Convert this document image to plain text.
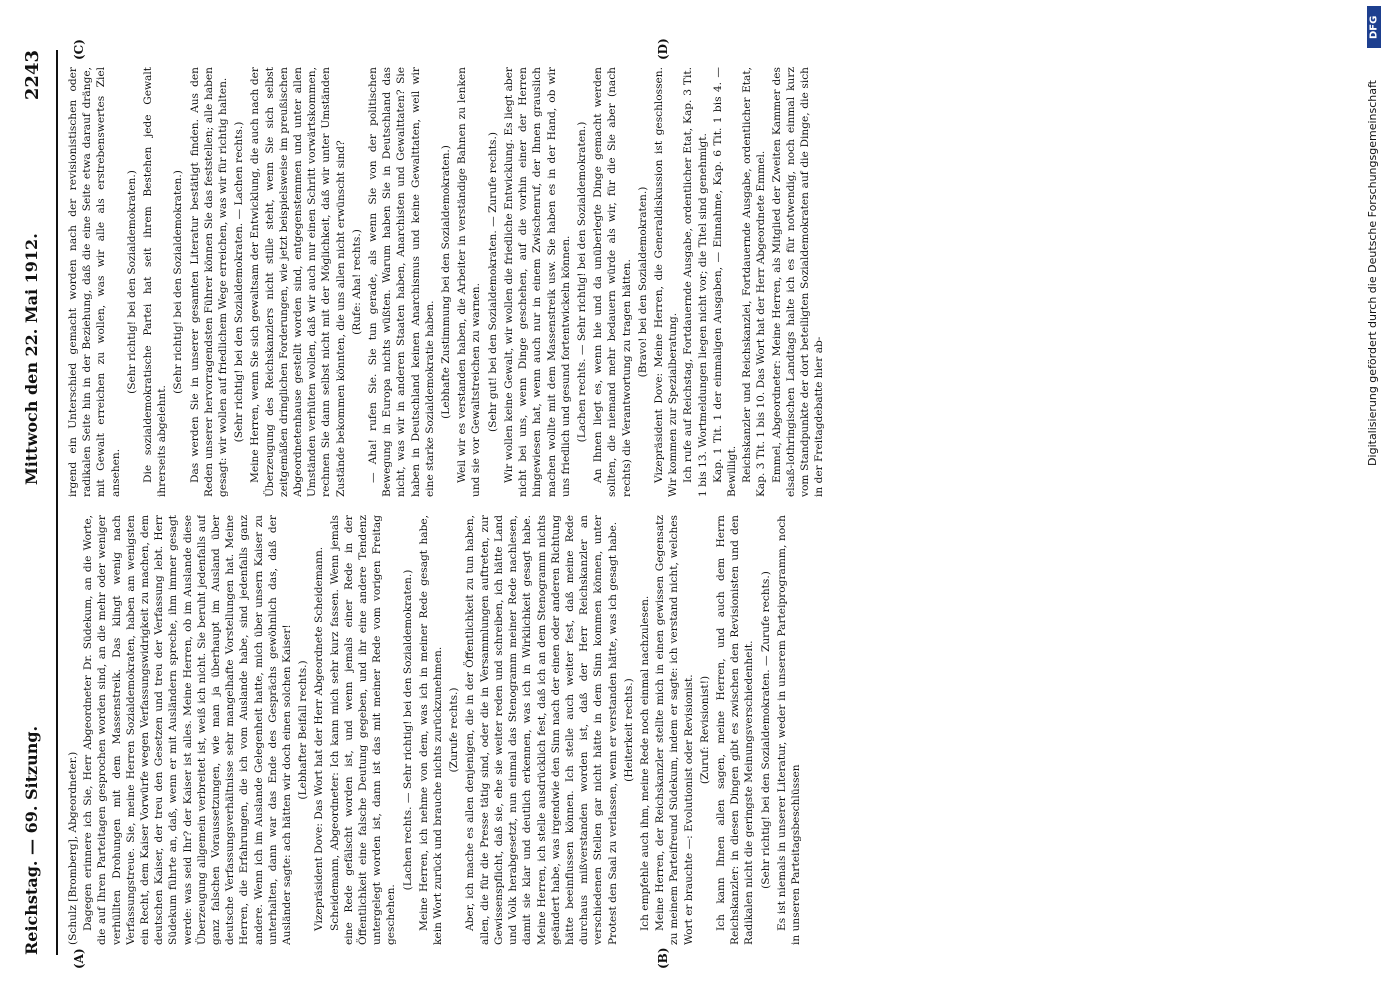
Reichstag. — 69. Sitzung.
Mittwoch den 22. Mai 1912.
2243
(A)	(B)
(C)	(D)

(Schulz [Bromberg], Abgeordneter.) Dagegen erinnere ich Sie, Herr Abgeordneter Dr. Südekum, an die Worte, die auf Ihren Parteitagen gesprochen worden sind, an die mehr oder weniger verhüllten Drohungen mit dem Massenstreik. Das klingt wenig nach Verfassungstreue. Sie, meine Herren Sozialdemokraten, haben am wenigsten ein Recht, dem Kaiser Vorwürfe wegen Verfassungswidrigkeit zu machen, dem deutschen Kaiser, der treu den Gesetzen und treu der Verfassung lebt. Herr Südekum führte an, daß, wenn er mit Ausländern spreche, ihm immer gesagt werde: was seid Ihr? der Kaiser ist alles. Meine Herren, ob im Auslande diese Überzeugung allgemein verbreitet ist, weiß ich nicht. Sie beruht jedenfalls auf ganz falschen Voraussetzungen, wie man ja überhaupt im Ausland über deutsche Verfassungsverhältnisse sehr mangelhafte Vorstellungen hat. Meine Herren, die Erfahrungen, die ich vom Auslande habe, sind jedenfalls ganz andere. Wenn ich im Auslande Gelegenheit hatte, mich über unsern Kaiser zu unterhalten, dann war das Ende des Gesprächs gewöhnlich das, daß der Ausländer sagte: ach hätten wir doch einen solchen Kaiser! (Lebhafter Beifall rechts.) Vizepräsident Dove: Das Wort hat der Herr Abgeordnete Scheidemann. Scheidemann, Abgeordneter: Ich kann mich sehr kurz fassen. Wenn jemals eine Rede gefälscht worden ist, und wenn jemals einer Rede in der Öffentlichkeit eine falsche Deutung gegeben, und ihr eine andere Tendenz untergelegt worden ist, dann ist das mit meiner Rede vom vorigen Freitag geschehen.

(Lachen rechts. — Sehr richtig! bei den Sozialdemokraten.) Meine Herren, ich nehme von dem, was ich in meiner Rede gesagt habe, kein Wort zurück und brauche nichts zurückzunehmen. (Zurufe rechts.) Aber, ich mache es allen denjenigen, die in der Öffentlichkeit zu tun haben, allen, die für die Presse tätig sind, oder die in Versammlungen auftreten, zur Gewissenspflicht, daß sie, ehe sie weiter reden und schreiben, ich hätte Land und Volk herabgesetzt, nun einmal das Stenogramm meiner Rede nachlesen, damit sie klar und deutlich erkennen, was ich in Wirklichkeit gesagt habe. Meine Herren, ich stelle ausdrücklich fest, daß ich an dem Stenogramm nichts geändert habe, was irgendwie den Sinn nach der einen oder anderen Richtung hätte beeinflussen können. Ich stelle auch weiter fest, daß meine Rede durchaus mißverstanden worden ist, daß der Herr Reichskanzler an verschiedenen Stellen gar nicht hätte in dem Sinn kommen können, unter Protest den Saal zu verlassen, wenn er verstanden hätte, was ich gesagt habe. (Heiterkeit rechts.) Ich empfehle auch ihm, meine Rede noch einmal nachzulesen. Meine Herren, der Reichskanzler stellte mich in einen gewissen Gegensatz zu meinem Parteifreund Südekum, indem er sagte: ich verstand nicht, welches Wort er brauchte —: Evolutionist oder Revisionist. (Zuruf: Revisionist!) Ich kann Ihnen allen sagen, meine Herren, und auch dem Herrn Reichskanzler: in diesen Dingen gibt es zwischen den Revisionisten und den Radikalen nicht die geringste Meinungsverschiedenheit. (Sehr richtig! bei den Sozialdemokraten. — Zurufe rechts.) Es ist niemals in unserer Literatur, weder in unserem Parteiprogramm, noch in unseren Parteitagsbeschlüssen

irgend ein Unterschied gemacht worden nach der revisionistischen oder radikalen Seite hin in der Beziehung, daß die eine Seite etwa darauf dränge, mit Gewalt erreichen zu wollen, was wir alle als erstrebenswertes Ziel ansehen.

(Sehr richtig! bei den Sozialdemokraten.) Die sozialdemokratische Partei hat seit ihrem Bestehen jede Gewalt ihrerseits abgelehnt.

(Sehr richtig! bei den Sozialdemokraten.) Das werden Sie in unserer gesamten Literatur bestätigt finden. Aus den Reden unserer hervorragendsten Führer können Sie das feststellen; alle haben gesagt: wir wollen auf friedlichem Wege erreichen, was wir für richtig halten. (Sehr richtig! bei den Sozialdemokraten. — Lachen rechts.) Meine Herren, wenn Sie sich gewaltsam der Entwicklung, die auch nach der Überzeugung des Reichskanzlers nicht stille steht, wenn Sie sich selbst zeitgemäßen dringlichen Forderungen, wie jetzt beispielsweise im preußischen Abgeordnetenhause gestellt worden sind, entgegenstemmen und unter allen Umständen verhüten wollen, daß wir auch nur einen Schritt vorwärtskommen, rechnen Sie dann selbst nicht mit der Möglichkeit, daß wir unter Umständen Zustände bekommen könnten, die uns allen nicht erwünscht sind? (Rufe: Aha! rechts.) — Aha! rufen Sie. Sie tun gerade, als wenn Sie von der politischen Bewegung in Europa nichts wüßten. Warum haben Sie in Deutschland das nicht, was wir in anderen Staaten haben, Anarchisten und Gewalttaten? Sie haben in Deutschland keinen Anarchismus und keine Gewalttaten, weil wir eine starke Sozialdemokratie haben. (Lebhafte Zustimmung bei den Sozialdemokraten.) Weil wir es verstanden haben, die Arbeiter in verständige Bahnen zu lenken und sie vor Gewaltstreichen zu warnen. (Sehr gut! bei den Sozialdemokraten. — Zurufe rechts.) Wir wollen keine Gewalt, wir wollen die friedliche Entwicklung. Es liegt aber nicht bei uns, wenn Dinge geschehen, auf die vorhin einer der Herren hingewiesen hat, wenn auch nur in einem Zwischenruf, der Ihnen grauslich machen wollte mit dem Massenstreik usw. Sie haben es in der Hand, ob wir uns friedlich und gesund fortentwickeln können. (Lachen rechts. — Sehr richtig! bei den Sozialdemokraten.) An Ihnen liegt es, wenn hie und da unüberlegte Dinge gemacht werden sollten, die niemand mehr bedauern würde als wir, für die Sie aber (nach rechts) die Verantwortung zu tragen hätten. (Bravo! bei den Sozialdemokraten.) Vizepräsident Dove: Meine Herren, die Generaldiskussion ist geschlossen. Wir kommen zur Spezialberatung. Ich rufe auf Reichstag, Fortdauernde Ausgabe, ordentlicher Etat, Kap. 3 Tit. 1 bis 13. Wortmeldungen liegen nicht vor; die Titel sind genehmigt. Kap. 1 Tit. 1 der einmaligen Ausgaben, — Einnahme, Kap. 6 Tit. 1 bis 4. — Bewilligt. Reichskanzler und Reichskanzlei, Fortdauernde Ausgabe, ordentlicher Etat, Kap. 3 Tit. 1 bis 10. Das Wort hat der Herr Abgeordnete Emmel. Emmel, Abgeordneter: Meine Herren, als Mitglied der Zweiten Kammer des elsaß-lothringischen Landtags halte ich es für notwendig, noch einmal kurz vom Standpunkte der dort beteiligten Sozialdemokraten auf die Dinge, die sich in der Freitagdebatte hier ab-

DFG
Digitalisierung gefördert durch die Deutsche Forschungsgemeinschaft
